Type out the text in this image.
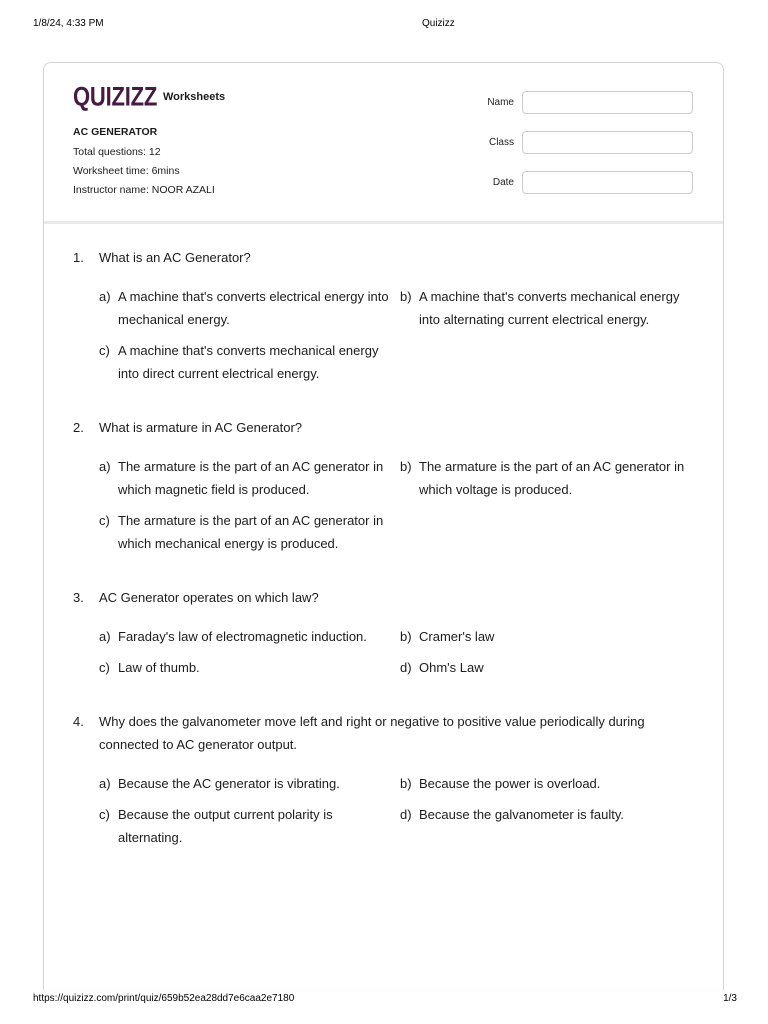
1/8/24, 4:33 PM	Quizizz
QUIZIZZ Worksheets
AC GENERATOR
Total questions: 12
Worksheet time: 6mins
Instructor name: NOOR AZALI
Name
Class
Date
1.	What is an AC Generator?
a) A machine that's converts electrical energy into mechanical energy.
b) A machine that's converts mechanical energy into alternating current electrical energy.
c) A machine that's converts mechanical energy into direct current electrical energy.
2.	What is armature in AC Generator?
a) The armature is the part of an AC generator in which magnetic field is produced.
b) The armature is the part of an AC generator in which voltage is produced.
c) The armature is the part of an AC generator in which mechanical energy is produced.
3.	AC Generator operates on which law?
a) Faraday's law of electromagnetic induction.	b) Cramer's law
c) Law of thumb.	d) Ohm's Law
4.	Why does the galvanometer move left and right or negative to positive value periodically during connected to AC generator output.
a) Because the AC generator is vibrating.	b) Because the power is overload.
c) Because the output current polarity is alternating.
d) Because the galvanometer is faulty.
https://quizizz.com/print/quiz/659b52ea28dd7e6caa2e7180	1/3
